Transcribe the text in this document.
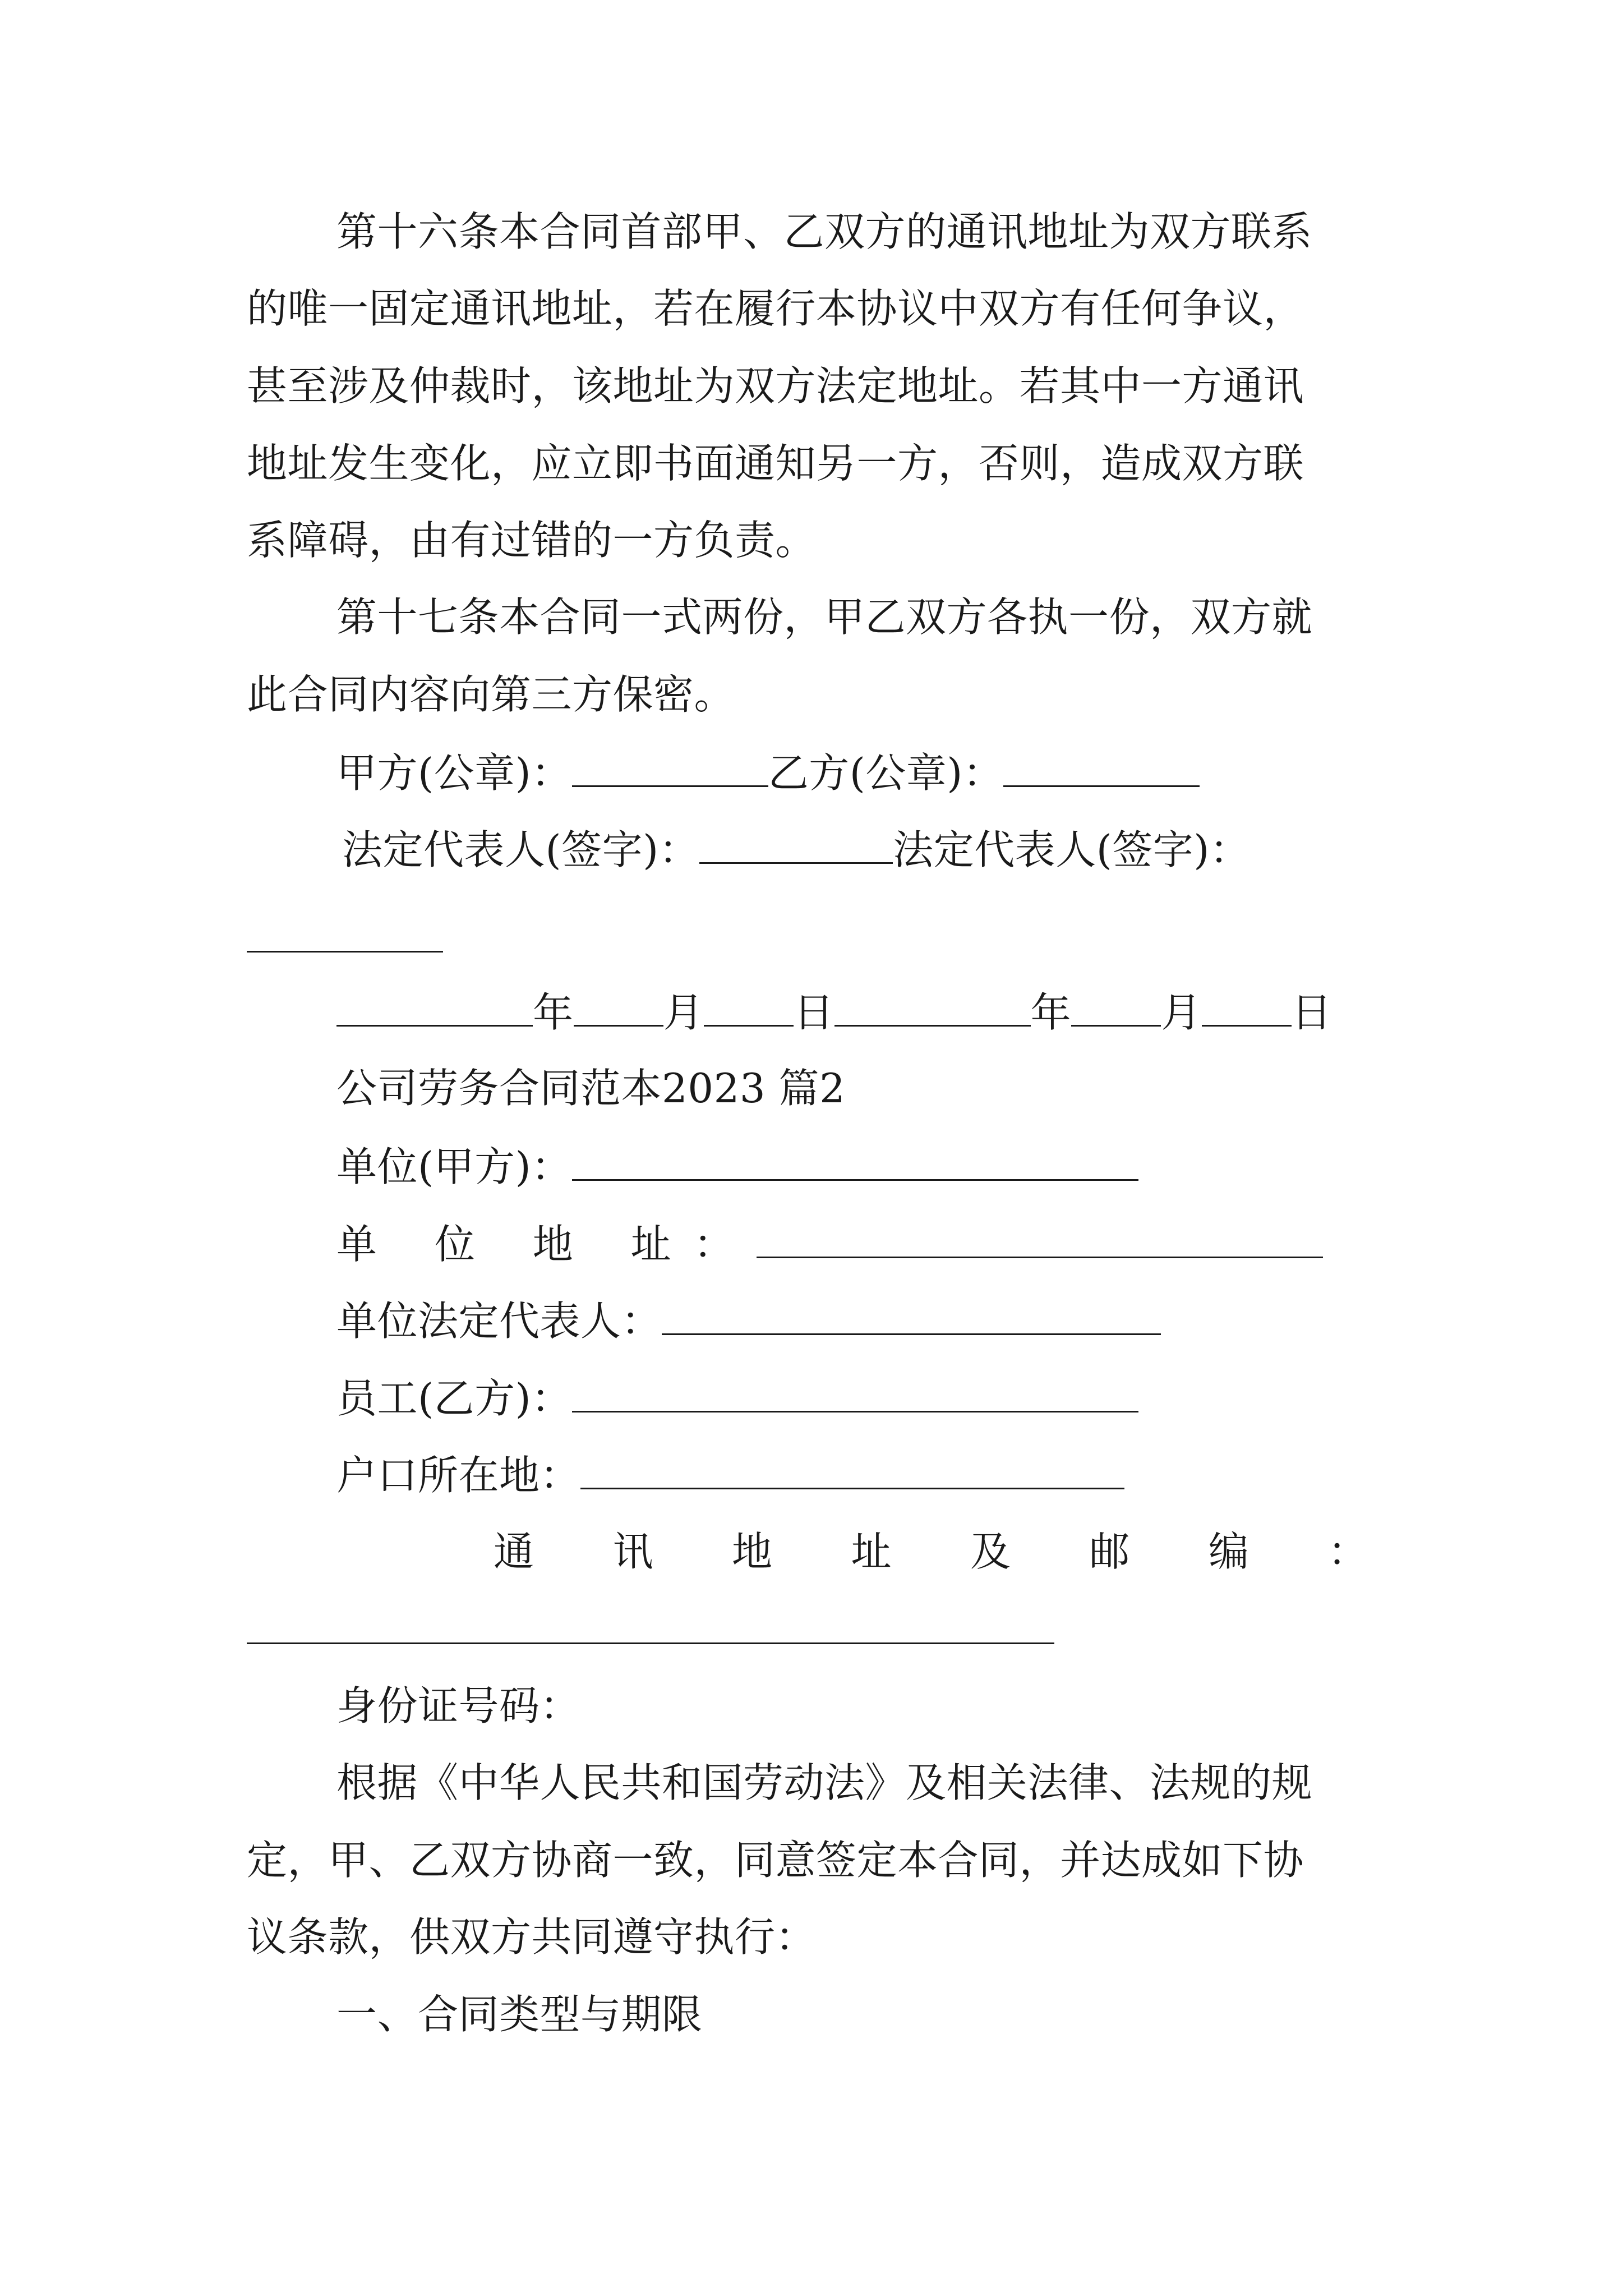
第十六条本合同首部甲、乙双方的通讯地址为双方联系
的唯一固定通讯地址，若在履行本协议中双方有任何争议，
甚至涉及仲裁时，该地址为双方法定地址。若其中一方通讯
地址发生变化，应立即书面通知另一方，否则，造成双方联
系障碍，由有过错的一方负责。
第十七条本合同一式两份，甲乙双方各执一份，双方就
此合同内容向第三方保密。
甲方(公章)：	乙方(公章)：
法定代表人(签字)：	法定代表人(签字)：
年 月 日	年 月 日
公司劳务合同范本2023 篇2
单位(甲方)：
单 位 地 址：
单位法定代表人：
员工(乙方)：
户口所在地：
通 讯 地 址 及 邮 编 ：
身份证号码：
根据《中华人民共和国劳动法》及相关法律、法规的规
定，甲、乙双方协商一致，同意签定本合同，并达成如下协
议条款，供双方共同遵守执行：
一、合同类型与期限
